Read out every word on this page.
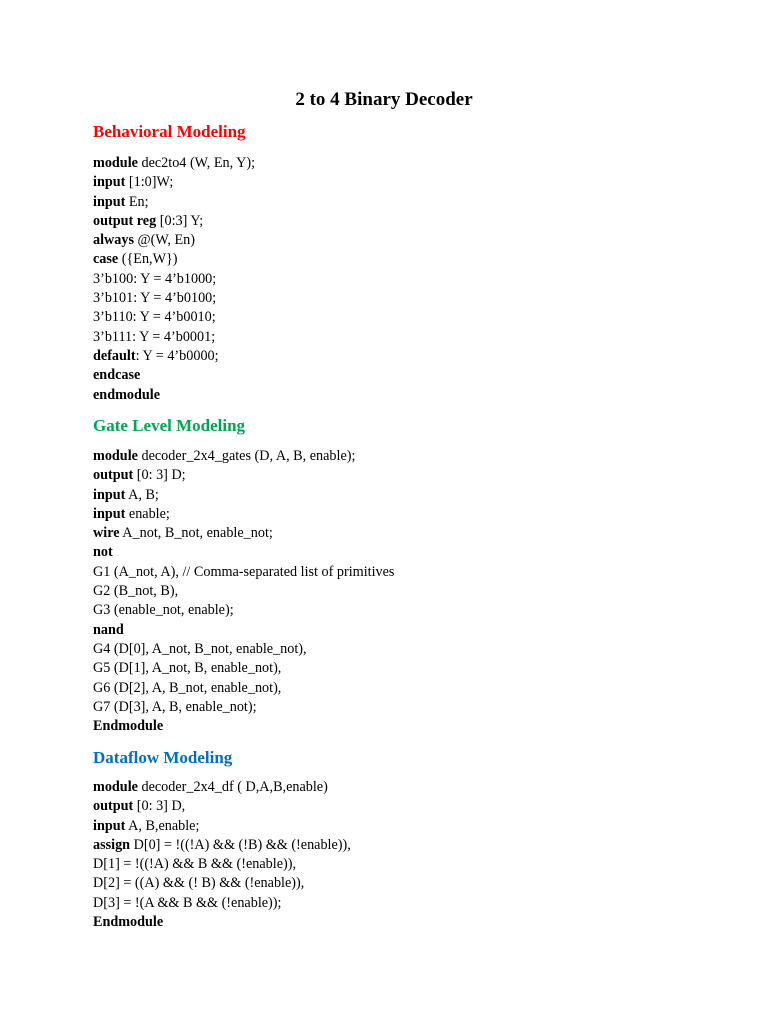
2 to 4 Binary Decoder
Behavioral Modeling
module dec2to4 (W, En, Y);
input [1:0]W;
input En;
output reg [0:3] Y;
always @(W, En)
case ({En,W})
3’b100: Y = 4’b1000;
3’b101: Y = 4’b0100;
3’b110: Y = 4’b0010;
3’b111: Y = 4’b0001;
default: Y = 4’b0000;
endcase
endmodule
Gate Level Modeling
module decoder_2x4_gates (D, A, B, enable);
output [0: 3] D;
input A, B;
input enable;
wire A_not, B_not, enable_not;
not
G1 (A_not, A), // Comma-separated list of primitives
G2 (B_not, B),
G3 (enable_not, enable);
nand
G4 (D[0], A_not, B_not, enable_not),
G5 (D[1], A_not, B, enable_not),
G6 (D[2], A, B_not, enable_not),
G7 (D[3], A, B, enable_not);
Endmodule
Dataflow Modeling
module decoder_2x4_df ( D,A,B,enable)
output [0: 3] D,
input A, B,enable;
assign D[0] = !((!A) && (!B) && (!enable)),
D[1] = !((!A) && B && (!enable)),
D[2] = ((A) && (! B) && (!enable)),
D[3] = !(A && B && (!enable));
Endmodule
